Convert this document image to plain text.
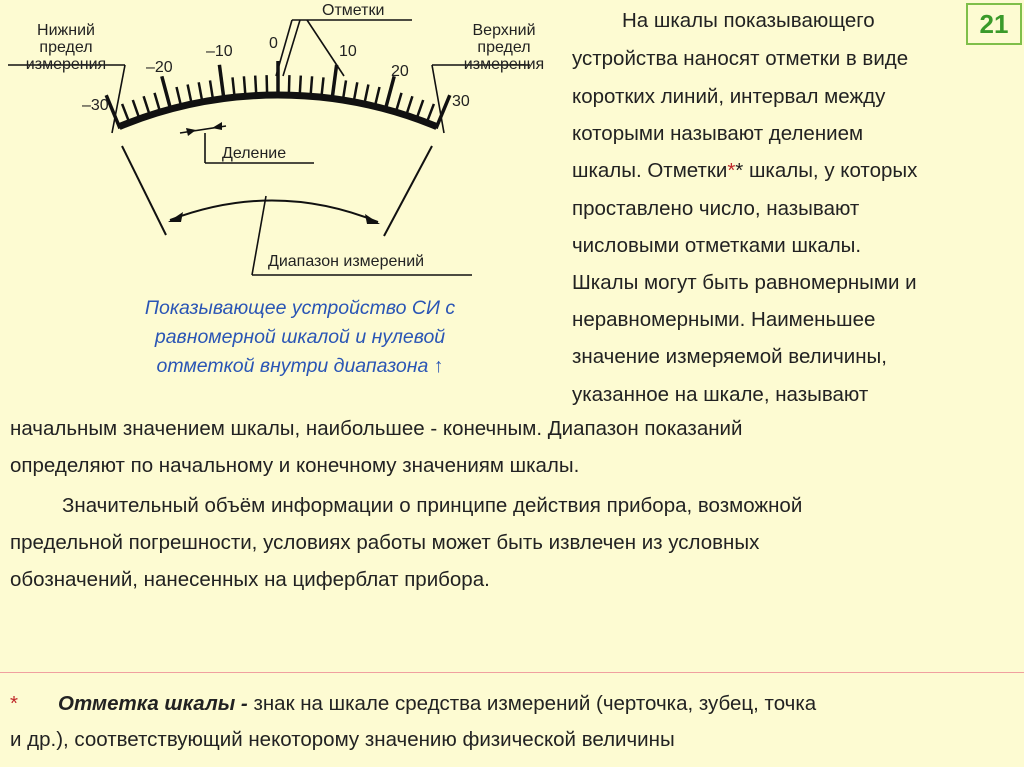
21
Нижний
предел
измерения
Верхний
предел
измерения
Отметки
Деление
Диапазон измерений
–30
–20
–10 0	10
20
30
Показывающее устройство СИ с
равномерной шкалой и нулевой
отметкой внутри диапазона ↑
На шкалы показывающего
устройства наносят отметки в виде
коротких линий, интервал между
которыми называют делением
шкалы. Отметки** шкалы, у которых
проставлено число, называют
числовыми отметками шкалы.
Шкалы могут быть равномерными и
неравномерными. Наименьшее
значение измеряемой величины,
указанное на шкале, называют
начальным значением шкалы, наибольшее - конечным. Диапазон показаний
определяют по начальному и конечному значениям шкалы.
Значительный объём информации о принципе действия прибора, возможной
предельной погрешности, условиях работы может быть извлечен из условных
обозначений, нанесенных на циферблат прибора.
* Отметка шкалы - знак на шкале средства измерений (черточка, зубец, точка
и др.), соответствующий некоторому значению физической величины
